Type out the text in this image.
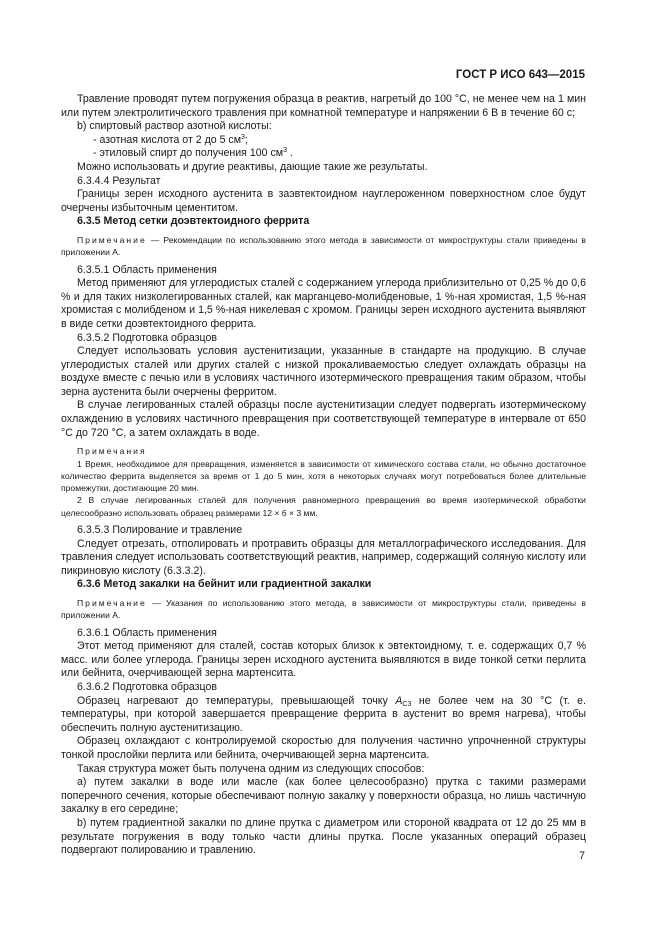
ГОСТ Р ИСО 643—2015

Травление проводят путем погружения образца в реактив, нагретый до 100 °С, не менее чем на 1 мин или путем электролитического травления при комнатной температуре и напряжении 6 В в течение 60 с;

b) спиртовый раствор азотной кислоты:

- азотная кислота от 2 до 5 $см^3$;

- этиловый спирт до получения 100 $см^3$ .

Можно использовать и другие реактивы, дающие такие же результаты.

6.3.4.4 Результат

Границы зерен исходного аустенита в заэвтектоидном науглероженном поверхностном слое будут очерчены избыточным цементитом.

6.3.5 Метод сетки доэвтектоидного феррита

Примечание — Рекомендации по использованию этого метода в зависимости от микроструктуры стали приведены в приложении А.

6.3.5.1 Область применения

Метод применяют для углеродистых сталей с содержанием углерода приблизительно от 0,25 % до 0,6 % и для таких низколегированных сталей, как марганцево-молибденовые, 1 %-ная хромистая, 1,5 %-ная хромистая с молибденом и 1,5 %-ная никелевая с хромом. Границы зерен исходного аустенита выявляют в виде сетки доэвтектоидного феррита.

6.3.5.2 Подготовка образцов

Следует использовать условия аустенитизации, указанные в стандарте на продукцию. В случае углеродистых сталей или других сталей с низкой прокаливаемостью следует охлаждать образцы на воздухе вместе с печью или в условиях частичного изотермического превращения таким образом, чтобы зерна аустенита были очерчены ферритом.

В случае легированных сталей образцы после аустенитизации следует подвергать изотермическому охлаждению в условиях частичного превращения при соответствующей температуре в интервале от 650 °С до 720 °С, а затем охлаждать в воде.

Примечания
1 Время, необходимое для превращения, изменяется в зависимости от химического состава стали, но обычно достаточное количество феррита выделяется за время от 1 до 5 мин, хотя в некоторых случаях могут потребоваться более длительные промежутки, достигающие 20 мин.
2 В случае легированных сталей для получения равномерного превращения во время изотермической обработки целесообразно использовать образец размерами 12 × 6 × 3 мм.

6.3.5.3 Полирование и травление

Следует отрезать, отполировать и протравить образцы для металлографического исследования. Для травления следует использовать соответствующий реактив, например, содержащий соляную кислоту или пикриновую кислоту (6.3.3.2).

6.3.6 Метод закалки на бейнит или градиентной закалки

Примечание — Указания по использованию этого метода, в зависимости от микроструктуры стали, приведены в приложении А.

6.3.6.1 Область применения

Этот метод применяют для сталей, состав которых близок к эвтектоидному, т. е. содержащих 0,7 % масс. или более углерода. Границы зерен исходного аустенита выявляются в виде тонкой сетки перлита или бейнита, очерчивающей зерна мартенсита.

6.3.6.2 Подготовка образцов

Образец нагревают до температуры, превышающей точку $A_{C3}$ не более чем на 30 °С (т. е. температуры, при которой завершается превращение феррита в аустенит во время нагрева), чтобы обеспечить полную аустенитизацию.

Образец охлаждают с контролируемой скоростью для получения частично упрочненной структуры тонкой прослойки перлита или бейнита, очерчивающей зерна мартенсита.

Такая структура может быть получена одним из следующих способов:

а) путем закалки в воде или масле (как более целесообразно) прутка с такими размерами поперечного сечения, которые обеспечивают полную закалку у поверхности образца, но лишь частичную закалку в его середине;

b) путем градиентной закалки по длине прутка с диаметром или стороной квадрата от 12 до 25 мм в результате погружения в воду только части длины прутка. После указанных операций образец подвергают полированию и травлению.	7
